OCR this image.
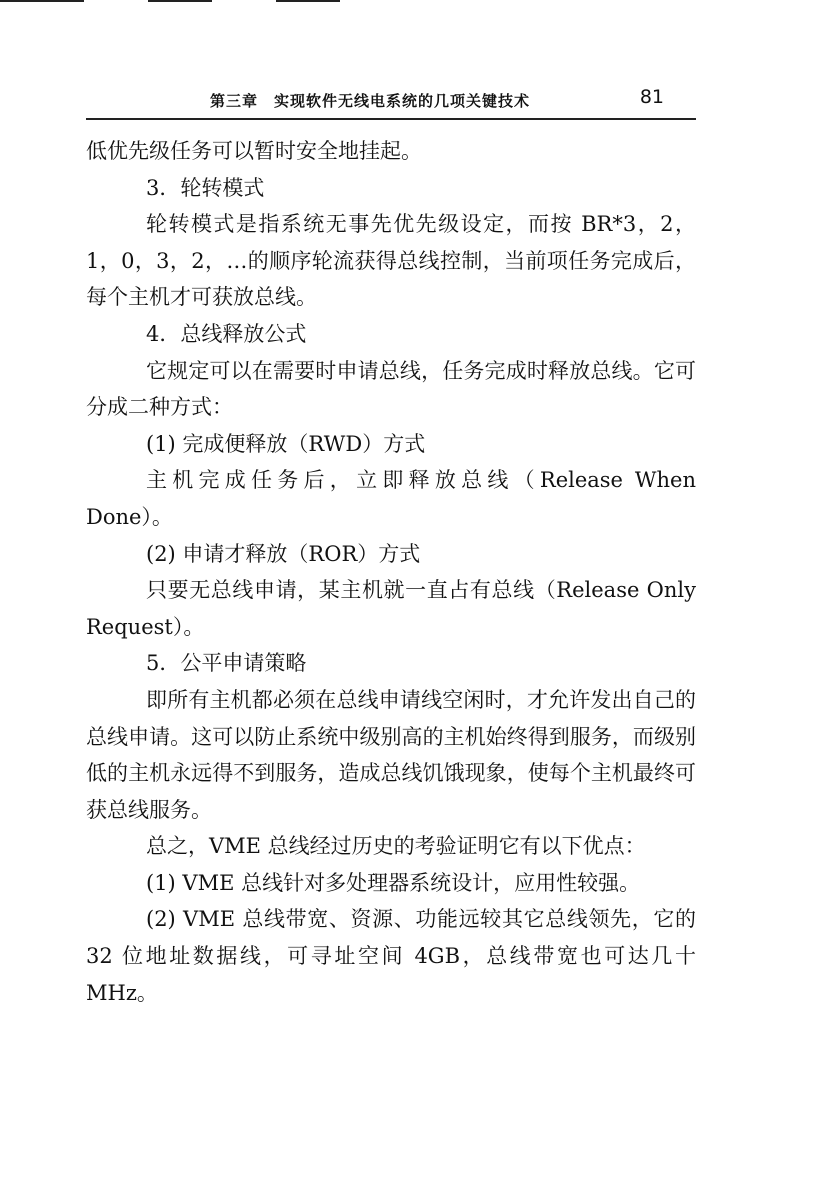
第三章　实现软件无线电系统的几项关键技术	81

低优先级任务可以暂时安全地挂起。

3．轮转模式

轮转模式是指系统无事先优先级设定，而按 BR*3，2，1，0，3，2，…的顺序轮流获得总线控制，当前项任务完成后，每个主机才可获放总线。

4．总线释放公式

它规定可以在需要时申请总线，任务完成时释放总线。它可分成二种方式：

(1) 完成便释放（RWD）方式

主机完成任务后，立即释放总线（Release When Done）。

(2) 申请才释放（ROR）方式

只要无总线申请，某主机就一直占有总线（Release Only Request）。

5．公平申请策略

即所有主机都必须在总线申请线空闲时，才允许发出自己的总线申请。这可以防止系统中级别高的主机始终得到服务，而级别低的主机永远得不到服务，造成总线饥饿现象，使每个主机最终可获总线服务。

总之，VME 总线经过历史的考验证明它有以下优点：

(1) VME 总线针对多处理器系统设计，应用性较强。

(2) VME 总线带宽、资源、功能远较其它总线领先，它的 32 位地址数据线，可寻址空间 4GB，总线带宽也可达几十 MHz。
